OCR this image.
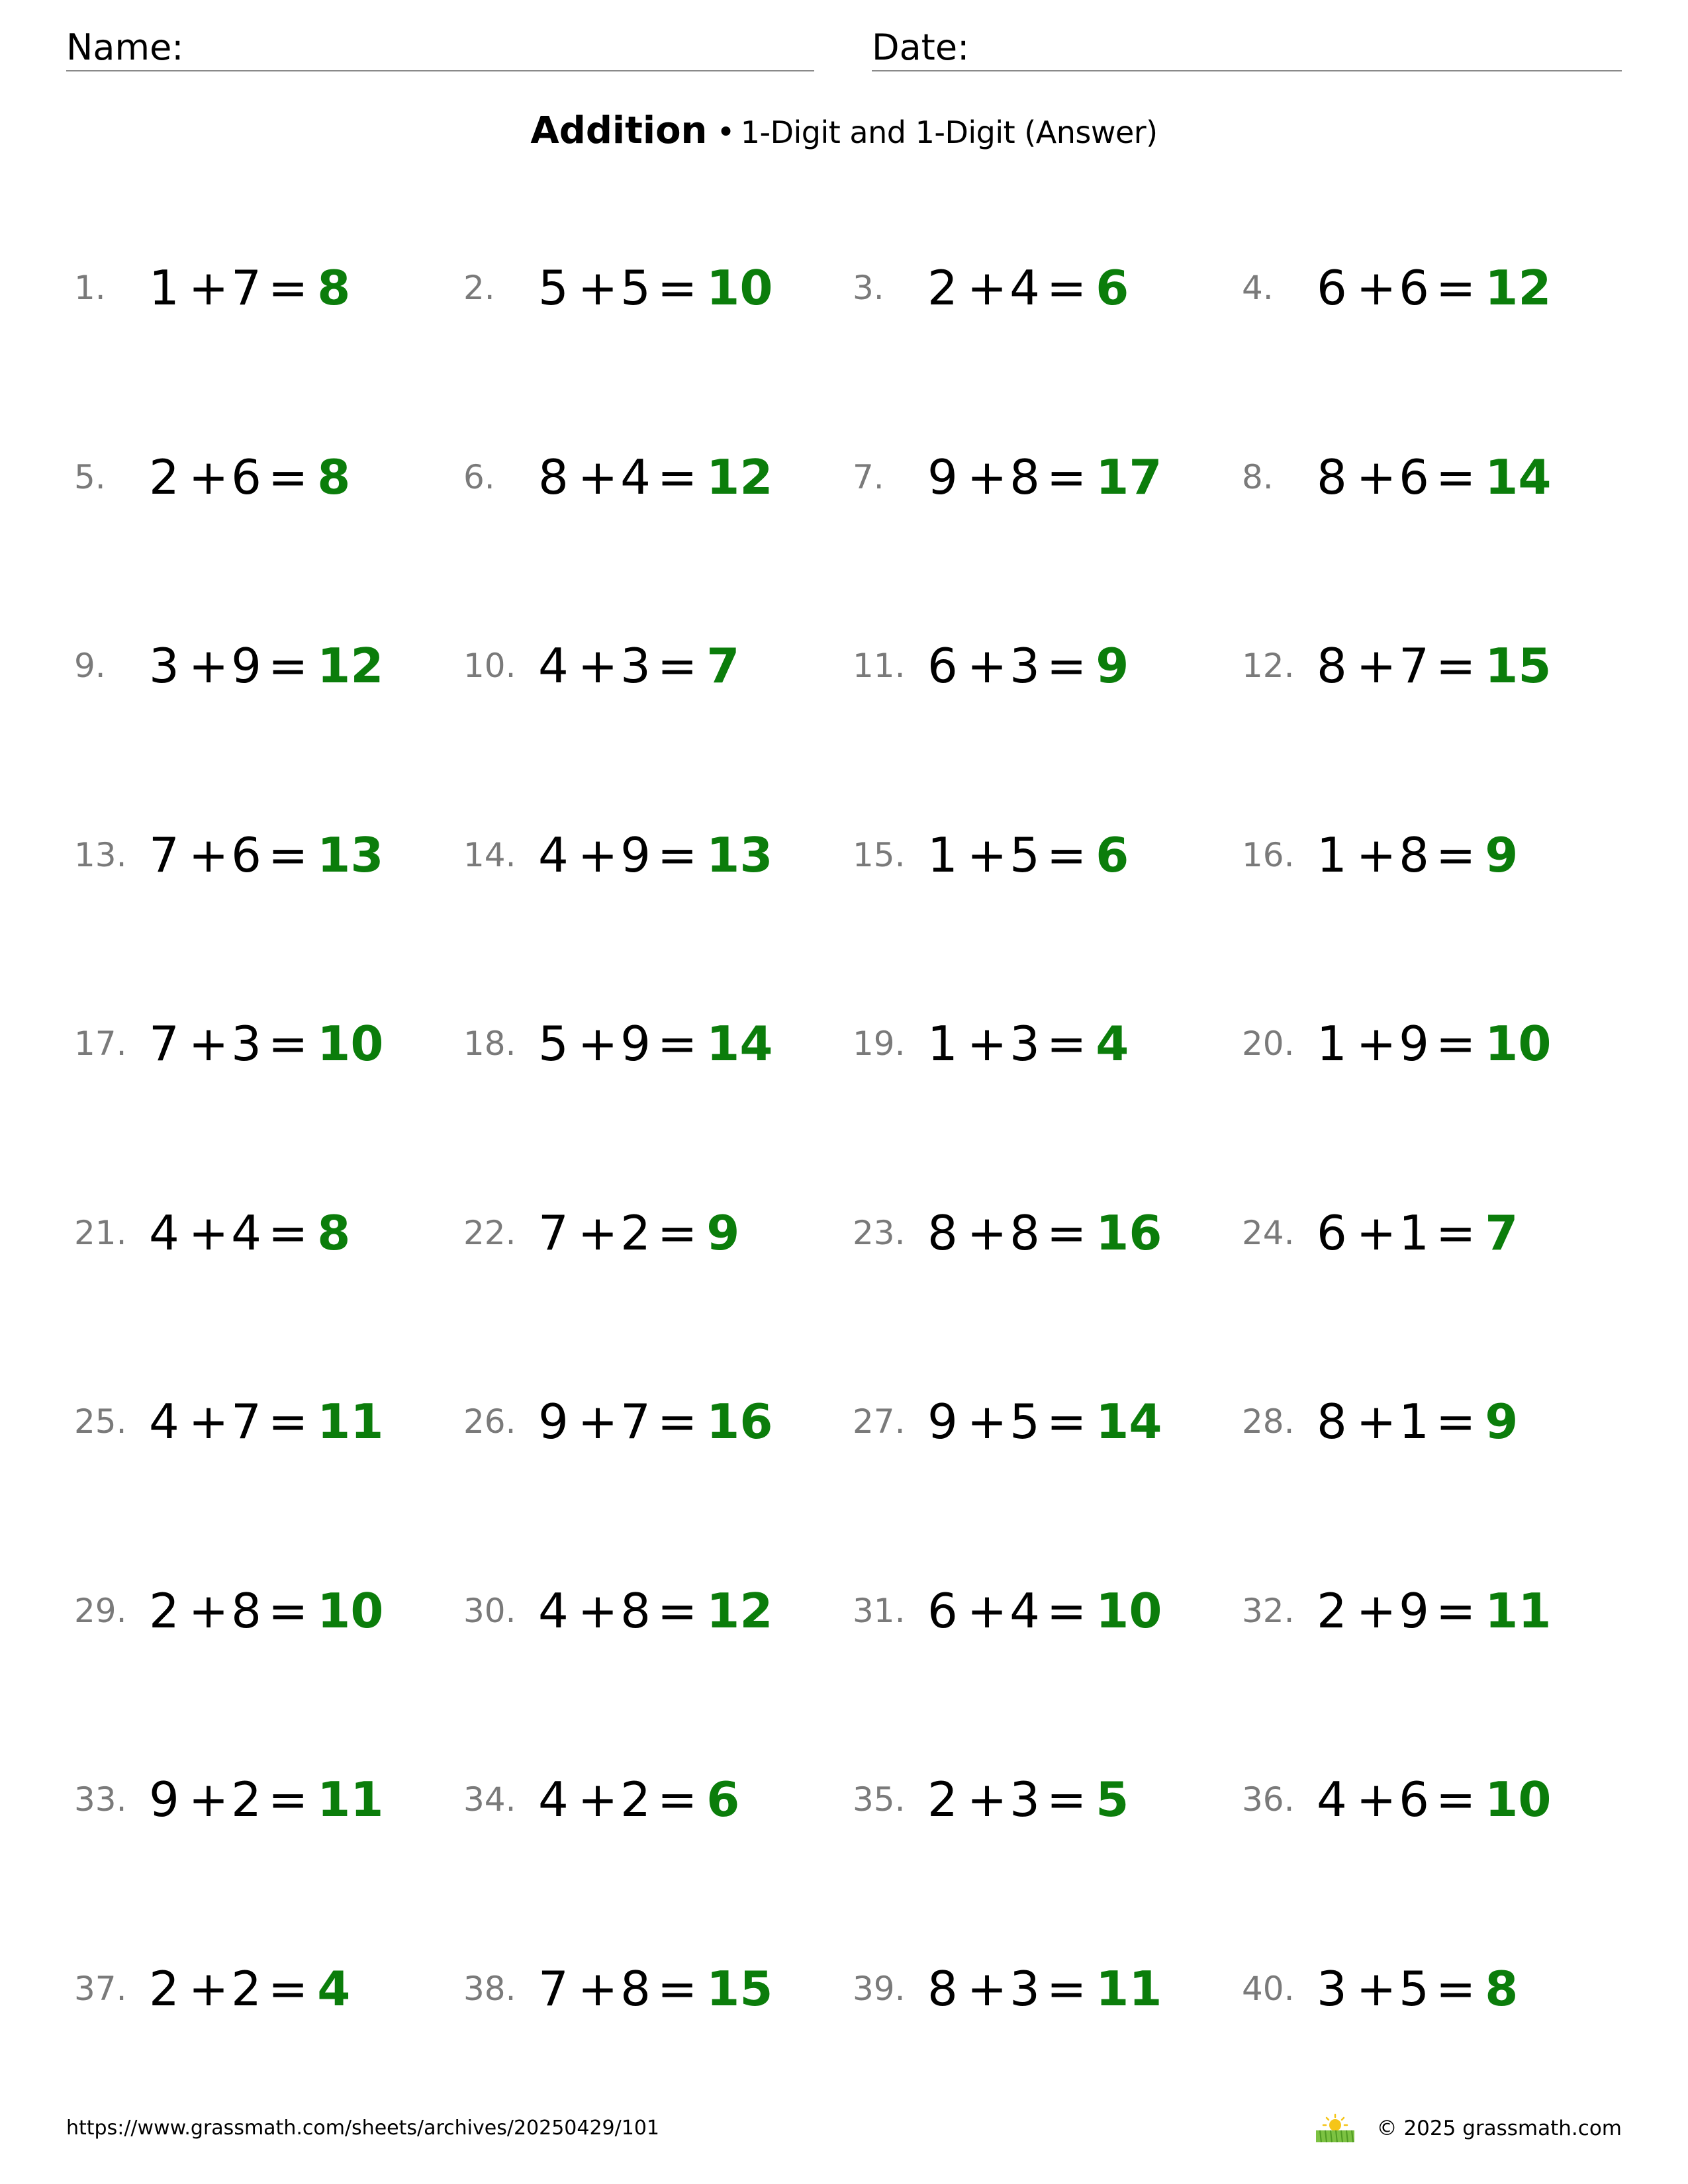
Name:	Date:
Addition • 1-Digit and 1-Digit (Answer)
1. 1 +7 = 8	2. 5 +5 = 10 3. 2 +4 = 6	4. 6 +6 = 12
5. 2 +6 = 8	6. 8 +4 = 12 7. 9 +8 = 17 8. 8 +6 = 14
9. 3 +9 = 12 10. 4 +3 = 7	11. 6 +3 = 9	12. 8 +7 = 15
13. 7 +6 = 13 14. 4 +9 = 13 15. 1 +5 = 6	16. 1 +8 = 9
17. 7 +3 = 10 18. 5 +9 = 14 19. 1 +3 = 4	20. 1 +9 = 10
21. 4 +4 = 8	22. 7 +2 = 9	23. 8 +8 = 16 24. 6 +1 = 7
25. 4 +7 = 11 26. 9 +7 = 16 27. 9 +5 = 14 28. 8 +1 = 9
29. 2 +8 = 10 30. 4 +8 = 12 31. 6 +4 = 10 32. 2 +9 = 11
33. 9 +2 = 11 34. 4 +2 = 6	35. 2 +3 = 5	36. 4 +6 = 10
37. 2 +2 = 4	38. 7 +8 = 15 39. 8 +3 = 11 40. 3 +5 = 8
https://www.grassmath.com/sheets/archives/20250429/101	© 2025 grassmath.com
